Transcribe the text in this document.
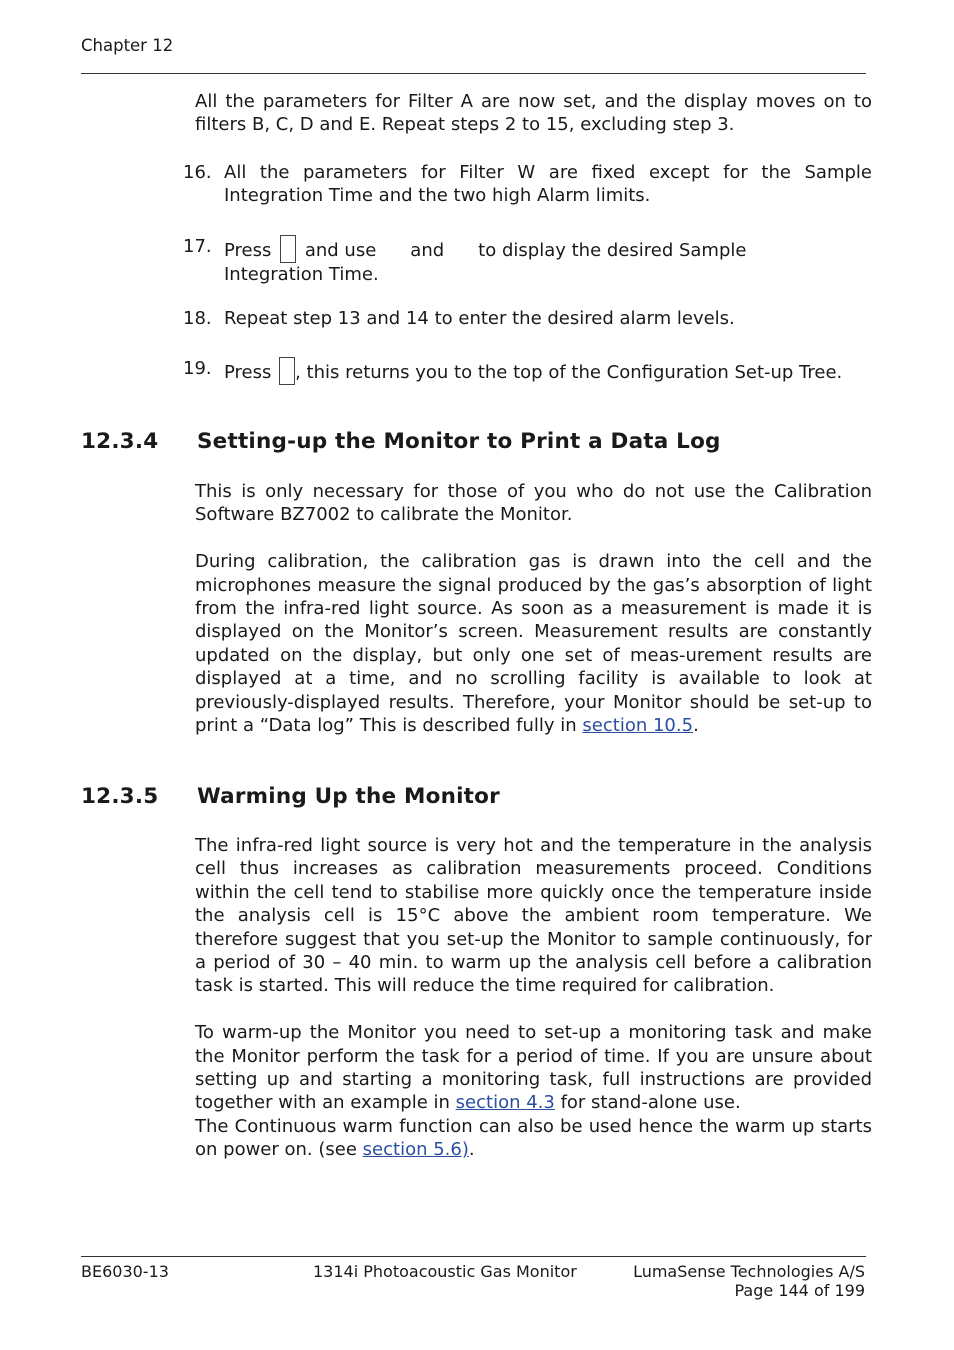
Chapter 12

All the parameters for Filter A are now set, and the display moves on to filters B, C, D and E. Repeat steps 2 to 15, excluding step 3.

16. All the parameters for Filter W are fixed except for the Sample Integration Time and the two high Alarm limits.
17. Press and use and to display the desired Sample
Integration Time.
18. Repeat step 13 and 14 to enter the desired alarm levels.
19. Press , this returns you to the top of the Configuration Set-up Tree.
12.3.4 Setting-up the Monitor to Print a Data Log

This is only necessary for those of you who do not use the Calibration Software BZ7002 to calibrate the Monitor.

During calibration, the calibration gas is drawn into the cell and the microphones measure the signal produced by the gas’s absorption of light from the infra-red light source. As soon as a measurement is made it is displayed on the Monitor’s screen. Measurement results are constantly updated on the display, but only one set of meas-urement results are displayed at a time, and no scrolling facility is available to look at previously-displayed results. Therefore, your Monitor should be set-up to print a “Data log” This is described fully in section 10.5.

12.3.5 Warming Up the Monitor

The infra-red light source is very hot and the temperature in the analysis cell thus increases as calibration measurements proceed. Conditions within the cell tend to stabilise more quickly once the temperature inside the analysis cell is 15°C above the ambient room temperature. We therefore suggest that you set-up the Monitor to sample continuously, for a period of 30 – 40 min. to warm up the analysis cell before a calibration task is started. This will reduce the time required for calibration.

To warm-up the Monitor you need to set-up a monitoring task and make the Monitor perform the task for a period of time. If you are unsure about setting up and starting a monitoring task, full instructions are provided together with an example in section 4.3 for stand-alone use.

The Continuous warm function can also be used hence the warm up starts on power on. (see section 5.6).

BE6030-13	1314i Photoacoustic Gas Monitor	LumaSense Technologies A/S
Page 144 of 199
